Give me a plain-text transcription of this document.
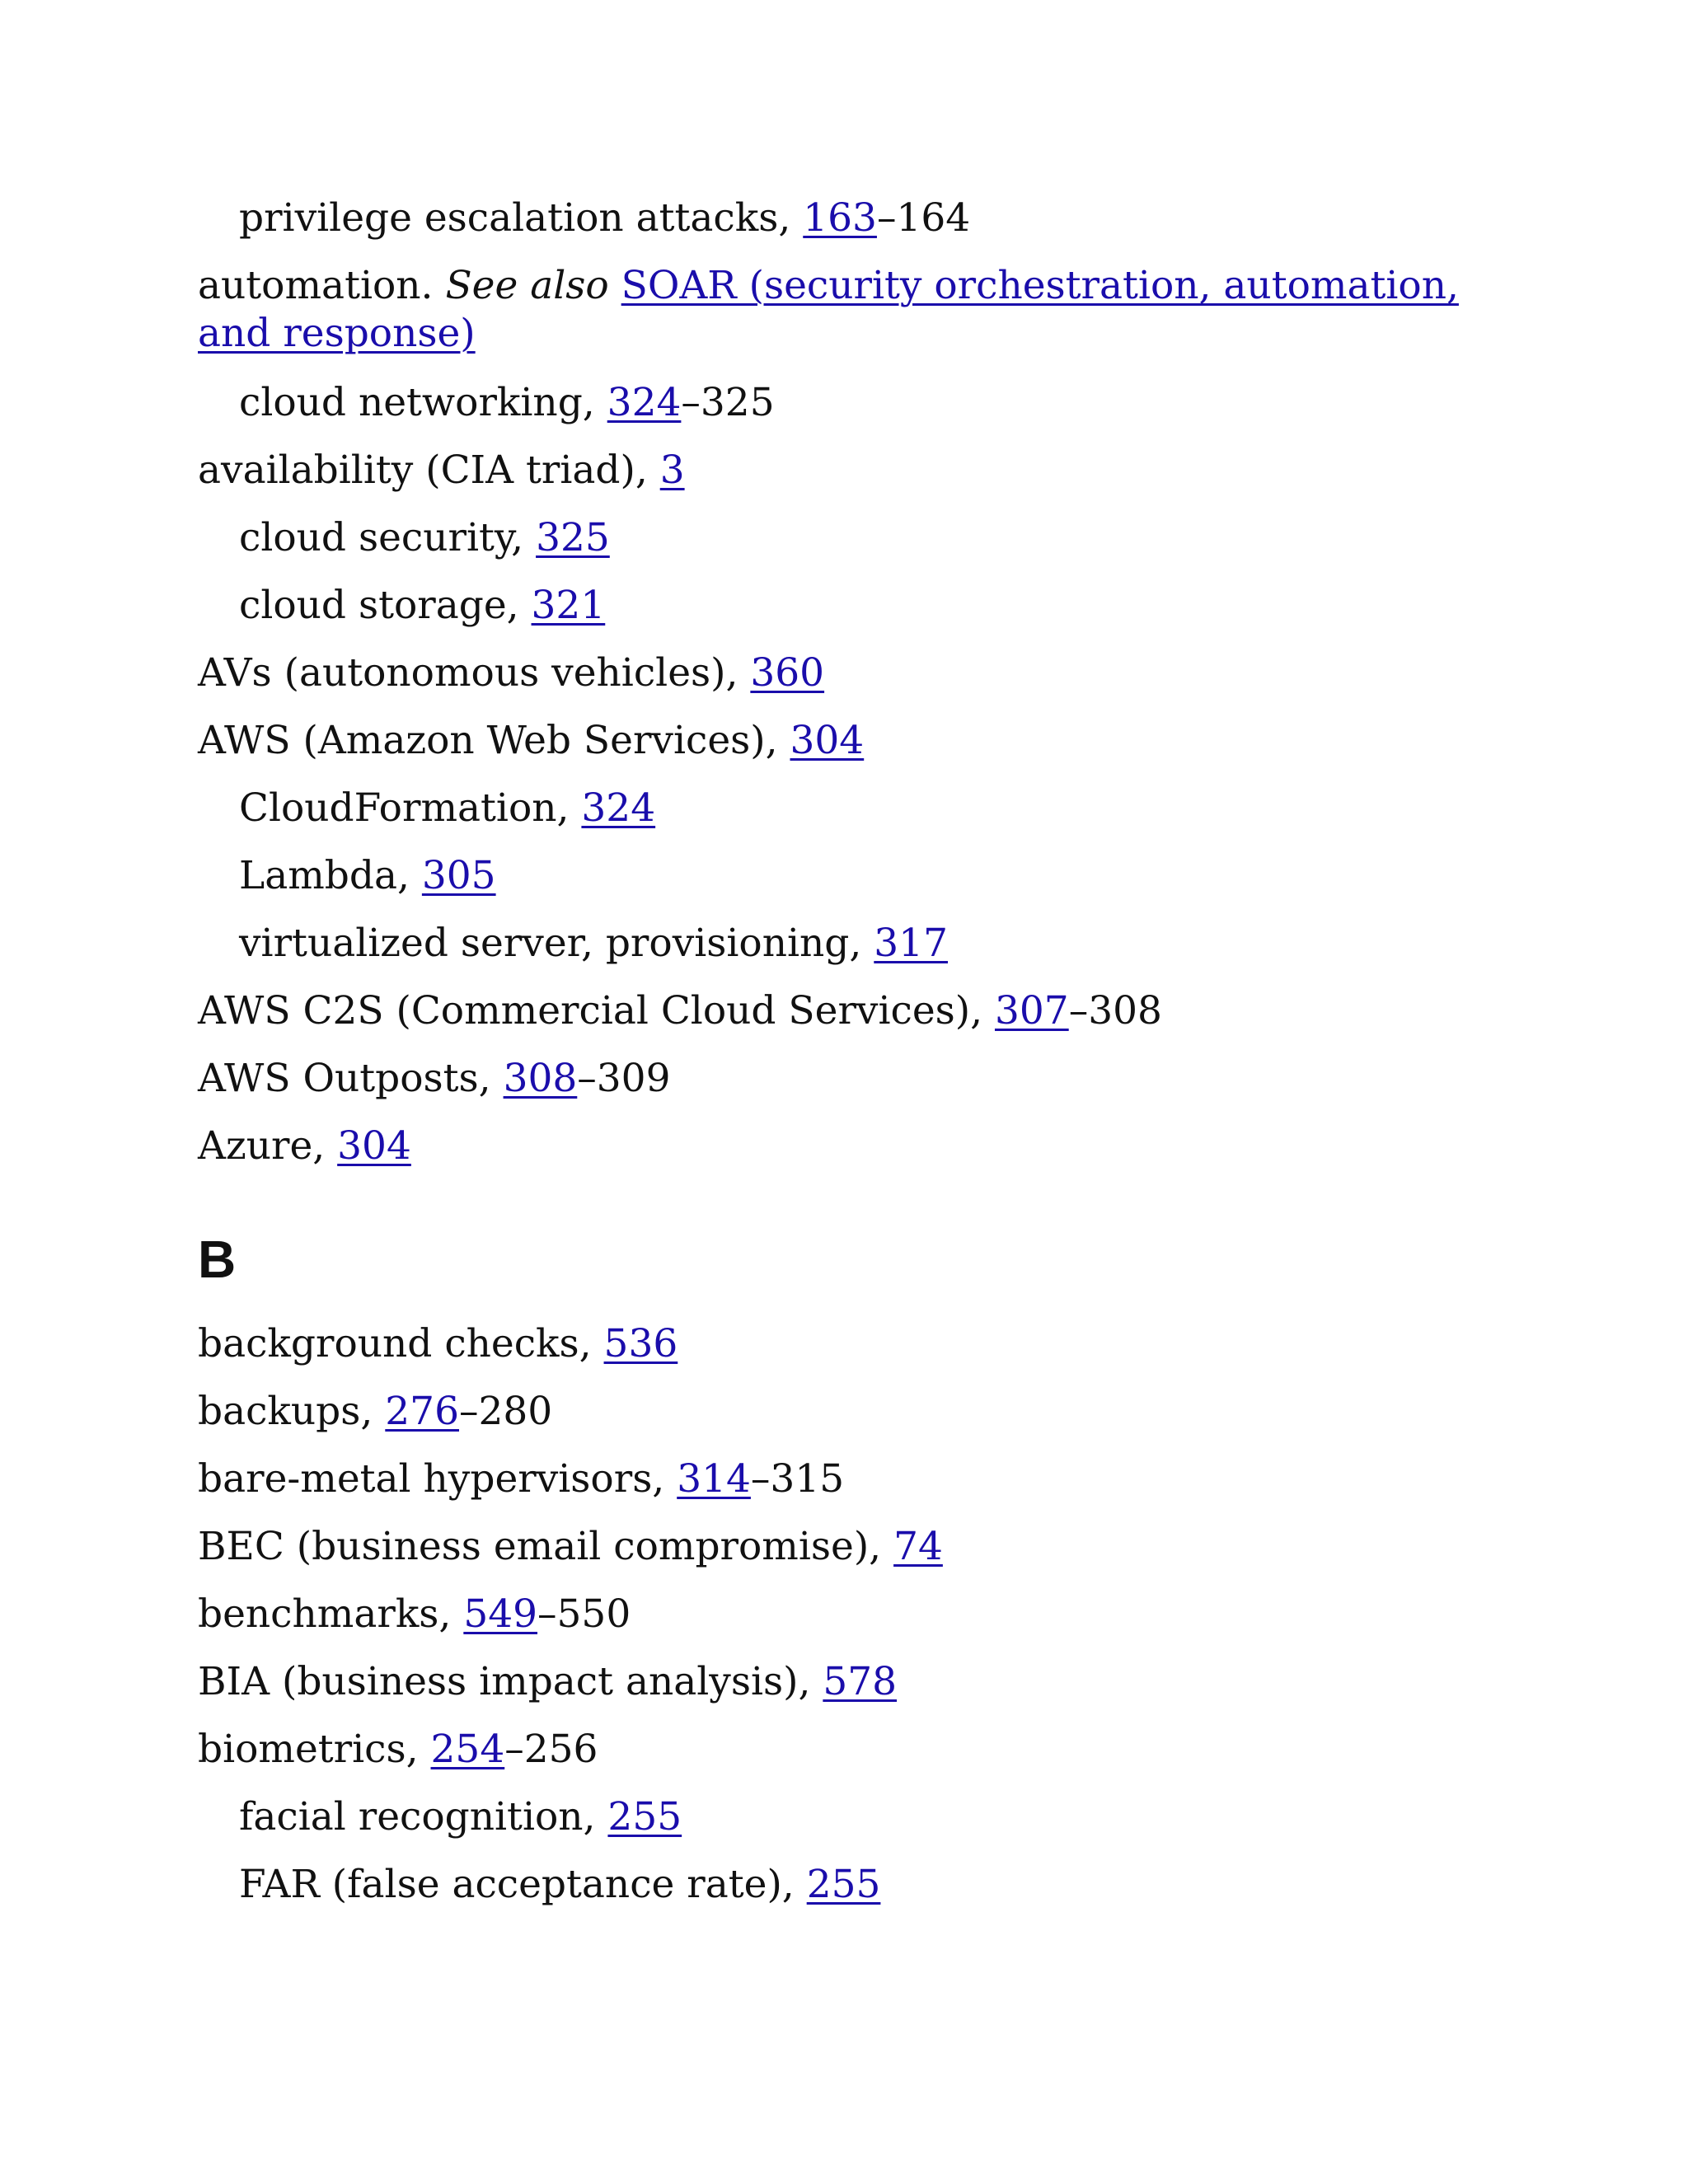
privilege escalation attacks, 163–164
automation. See also SOAR (security orchestration, automation, and response)
cloud networking, 324–325
availability (CIA triad), 3
cloud security, 325
cloud storage, 321
AVs (autonomous vehicles), 360
AWS (Amazon Web Services), 304
CloudFormation, 324
Lambda, 305
virtualized server, provisioning, 317
AWS C2S (Commercial Cloud Services), 307–308
AWS Outposts, 308–309
Azure, 304
B
background checks, 536
backups, 276–280
bare-metal hypervisors, 314–315
BEC (business email compromise), 74
benchmarks, 549–550
BIA (business impact analysis), 578
biometrics, 254–256
facial recognition, 255
FAR (false acceptance rate), 255
